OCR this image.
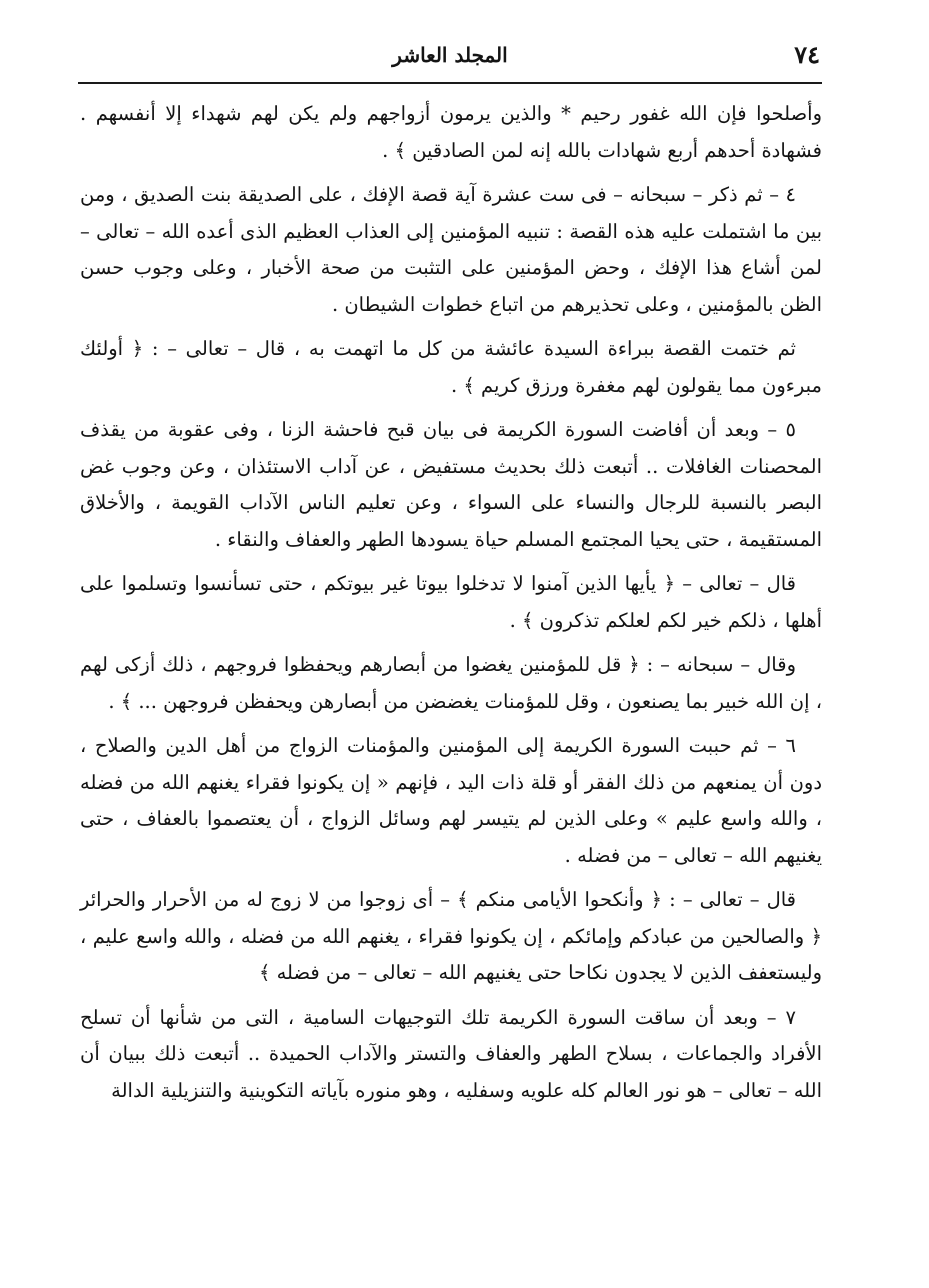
٧٤
المجلد العاشر

وأصلحوا فإن الله غفور رحيم * والذين يرمون أزواجهم ولم يكن لهم شهداء إلا أنفسهم . فشهادة أحدهم أربع شهادات بالله إنه لمن الصادقين ﴾ .

٤ – ثم ذكر – سبحانه – فى ست عشرة آية قصة الإفك ، على الصديقة بنت الصديق ، ومن بين ما اشتملت عليه هذه القصة : تنبيه المؤمنين إلى العذاب العظيم الذى أعده الله – تعالى – لمن أشاع هذا الإفك ، وحض المؤمنين على التثبت من صحة الأخبار ، وعلى وجوب حسن الظن بالمؤمنين ، وعلى تحذيرهم من اتباع خطوات الشيطان .

ثم ختمت القصة ببراءة السيدة عائشة من كل ما اتهمت به ، قال – تعالى – : ﴿ أولئك مبرءون مما يقولون لهم مغفرة ورزق كريم ﴾ .

٥ – وبعد أن أفاضت السورة الكريمة فى بيان قبح فاحشة الزنا ، وفى عقوبة من يقذف المحصنات الغافلات .. أتبعت ذلك بحديث مستفيض ، عن آداب الاستئذان ، وعن وجوب غض البصر بالنسبة للرجال والنساء على السواء ، وعن تعليم الناس الآداب القويمة ، والأخلاق المستقيمة ، حتى يحيا المجتمع المسلم حياة يسودها الطهر والعفاف والنقاء .

قال – تعالى – ﴿ يأيها الذين آمنوا لا تدخلوا بيوتا غير بيوتكم ، حتى تسأنسوا وتسلموا على أهلها ، ذلكم خير لكم لعلكم تذكرون ﴾ .

وقال – سبحانه – : ﴿ قل للمؤمنين يغضوا من أبصارهم ويحفظوا فروجهم ، ذلك أزكى لهم ، إن الله خبير بما يصنعون ، وقل للمؤمنات يغضضن من أبصارهن ويحفظن فروجهن ... ﴾ .

٦ – ثم حببت السورة الكريمة إلى المؤمنين والمؤمنات الزواج من أهل الدين والصلاح ، دون أن يمنعهم من ذلك الفقر أو قلة ذات اليد ، فإنهم « إن يكونوا فقراء يغنهم الله من فضله ، والله واسع عليم » وعلى الذين لم يتيسر لهم وسائل الزواج ، أن يعتصموا بالعفاف ، حتى يغنيهم الله – تعالى – من فضله .

قال – تعالى – : ﴿ وأنكحوا الأيامى منكم ﴾ – أى زوجوا من لا زوج له من الأحرار والحرائر ﴿ والصالحين من عبادكم وإمائكم ، إن يكونوا فقراء ، يغنهم الله من فضله ، والله واسع عليم ، وليستعفف الذين لا يجدون نكاحا حتى يغنيهم الله – تعالى – من فضله ﴾

٧ – وبعد أن ساقت السورة الكريمة تلك التوجيهات السامية ، التى من شأنها أن تسلح الأفراد والجماعات ، بسلاح الطهر والعفاف والتستر والآداب الحميدة .. أتبعت ذلك ببيان أن الله – تعالى – هو نور العالم كله علويه وسفليه ، وهو منوره بآياته التكوينية والتنزيلية الدالة
